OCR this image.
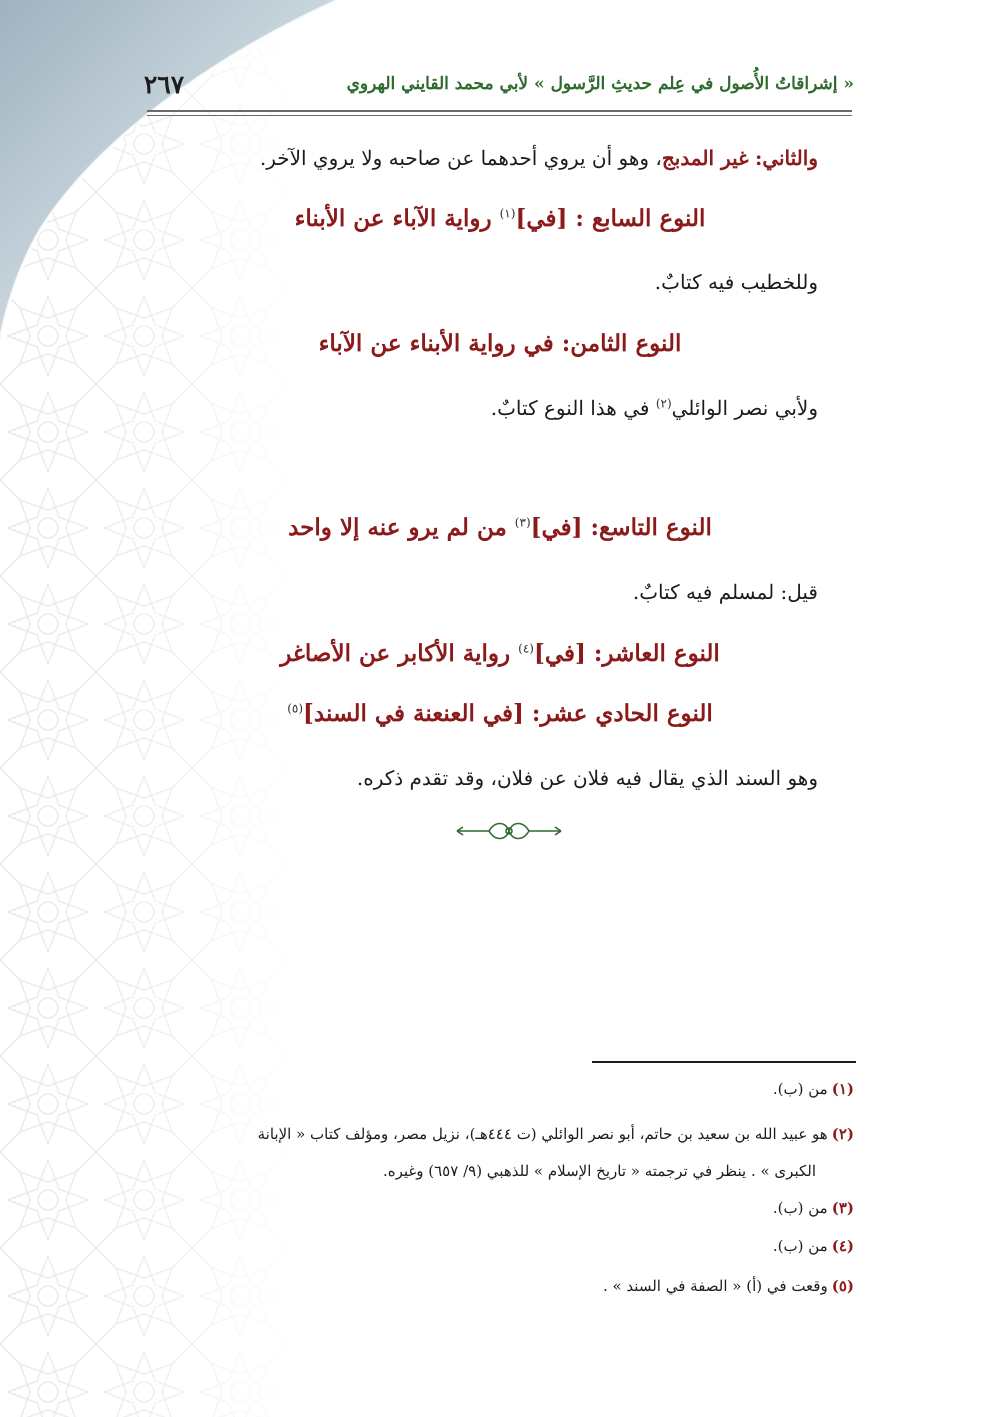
٢٦٧	« إشراقاتُ الأُصول في عِلم حديثِ الرَّسول » لأبي محمد القايني الهروي
والثاني: غير المدبج، وهو أن يروي أحدهما عن صاحبه ولا يروي الآخر.
النوع السابع : [في]$^{(١)}$ رواية الآباء عن الأبناء
وللخطيب فيه كتابٌ.
النوع الثامن: في رواية الأبناء عن الآباء
ولأبي نصر الوائلي$^{(٢)}$ في هذا النوع كتابٌ.
النوع التاسع: [في]$^{(٣)}$ من لم يرو عنه إلا واحد
قيل: لمسلم فيه كتابٌ.
النوع العاشر: [في]$^{(٤)}$ رواية الأكابر عن الأصاغر
النوع الحادي عشر: [في العنعنة في السند]$^{(٥)}$
وهو السند الذي يقال فيه فلان عن فلان، وقد تقدم ذكره.
(١)من (ب).
(٢)هو عبيد الله بن سعيد بن حاتم، أبو نصر الوائلي (ت ٤٤٤هـ)، نزيل مصر، ومؤلف كتاب « الإبانة
الكبرى » . ينظر في ترجمته « تاريخ الإسلام » للذهبي (٩/ ٦٥٧) وغيره.
(٣)من (ب).
(٤)من (ب).
(٥)وقعت في (أ) « الصفة في السند » .
